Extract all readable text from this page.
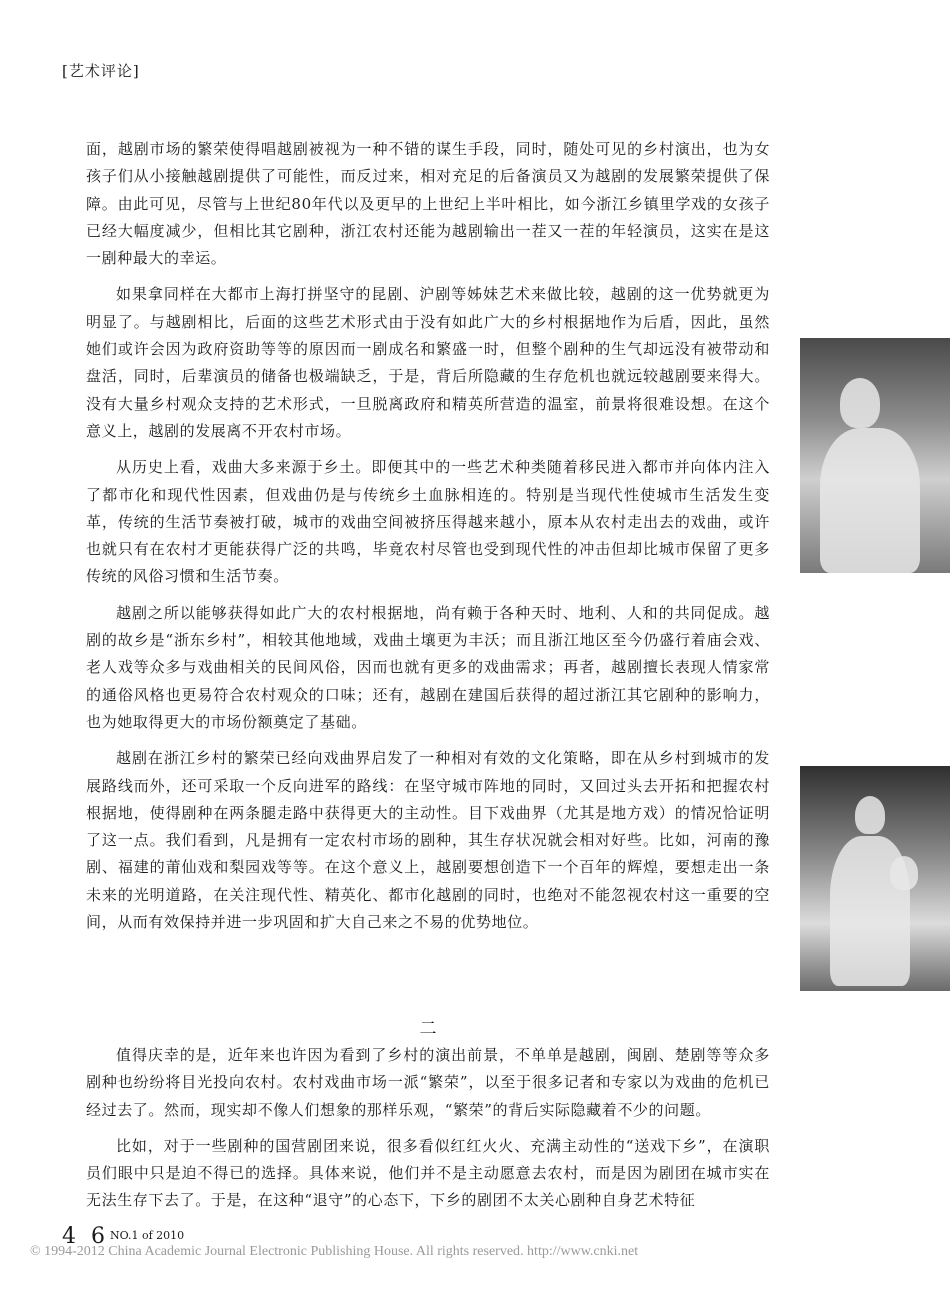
[艺术评论]

面，越剧市场的繁荣使得唱越剧被视为一种不错的谋生手段，同时，随处可见的乡村演出，也为女孩子们从小接触越剧提供了可能性，而反过来，相对充足的后备演员又为越剧的发展繁荣提供了保障。由此可见，尽管与上世纪80年代以及更早的上世纪上半叶相比，如今浙江乡镇里学戏的女孩子已经大幅度减少，但相比其它剧种，浙江农村还能为越剧输出一茬又一茬的年轻演员，这实在是这一剧种最大的幸运。

如果拿同样在大都市上海打拼坚守的昆剧、沪剧等姊妹艺术来做比较，越剧的这一优势就更为明显了。与越剧相比，后面的这些艺术形式由于没有如此广大的乡村根据地作为后盾，因此，虽然她们或许会因为政府资助等等的原因而一剧成名和繁盛一时，但整个剧种的生气却远没有被带动和盘活，同时，后辈演员的储备也极端缺乏，于是，背后所隐藏的生存危机也就远较越剧要来得大。没有大量乡村观众支持的艺术形式，一旦脱离政府和精英所营造的温室，前景将很难设想。在这个意义上，越剧的发展离不开农村市场。

从历史上看，戏曲大多来源于乡土。即便其中的一些艺术种类随着移民进入都市并向体内注入了都市化和现代性因素，但戏曲仍是与传统乡土血脉相连的。特别是当现代性使城市生活发生变革，传统的生活节奏被打破，城市的戏曲空间被挤压得越来越小，原本从农村走出去的戏曲，或许也就只有在农村才更能获得广泛的共鸣，毕竟农村尽管也受到现代性的冲击但却比城市保留了更多传统的风俗习惯和生活节奏。

越剧之所以能够获得如此广大的农村根据地，尚有赖于各种天时、地利、人和的共同促成。越剧的故乡是“浙东乡村”，相较其他地域，戏曲土壤更为丰沃；而且浙江地区至今仍盛行着庙会戏、老人戏等众多与戏曲相关的民间风俗，因而也就有更多的戏曲需求；再者，越剧擅长表现人情家常的通俗风格也更易符合农村观众的口味；还有，越剧在建国后获得的超过浙江其它剧种的影响力，也为她取得更大的市场份额奠定了基础。

越剧在浙江乡村的繁荣已经向戏曲界启发了一种相对有效的文化策略，即在从乡村到城市的发展路线而外，还可采取一个反向进军的路线：在坚守城市阵地的同时，又回过头去开拓和把握农村根据地，使得剧种在两条腿走路中获得更大的主动性。目下戏曲界（尤其是地方戏）的情况恰证明了这一点。我们看到，凡是拥有一定农村市场的剧种，其生存状况就会相对好些。比如，河南的豫剧、福建的莆仙戏和梨园戏等等。在这个意义上，越剧要想创造下一个百年的辉煌，要想走出一条未来的光明道路，在关注现代性、精英化、都市化越剧的同时，也绝对不能忽视农村这一重要的空间，从而有效保持并进一步巩固和扩大自己来之不易的优势地位。

二

值得庆幸的是，近年来也许因为看到了乡村的演出前景，不单单是越剧，闽剧、楚剧等等众多剧种也纷纷将目光投向农村。农村戏曲市场一派“繁荣”，以至于很多记者和专家以为戏曲的危机已经过去了。然而，现实却不像人们想象的那样乐观，“繁荣”的背后实际隐藏着不少的问题。

比如，对于一些剧种的国营剧团来说，很多看似红红火火、充满主动性的“送戏下乡”，在演职员们眼中只是迫不得已的选择。具体来说，他们并不是主动愿意去农村，而是因为剧团在城市实在无法生存下去了。于是，在这种“退守”的心态下，下乡的剧团不太关心剧种自身艺术特征

4 6 NO.1 of 2010
© 1994-2012 China Academic Journal Electronic Publishing House. All rights reserved. http://www.cnki.net
